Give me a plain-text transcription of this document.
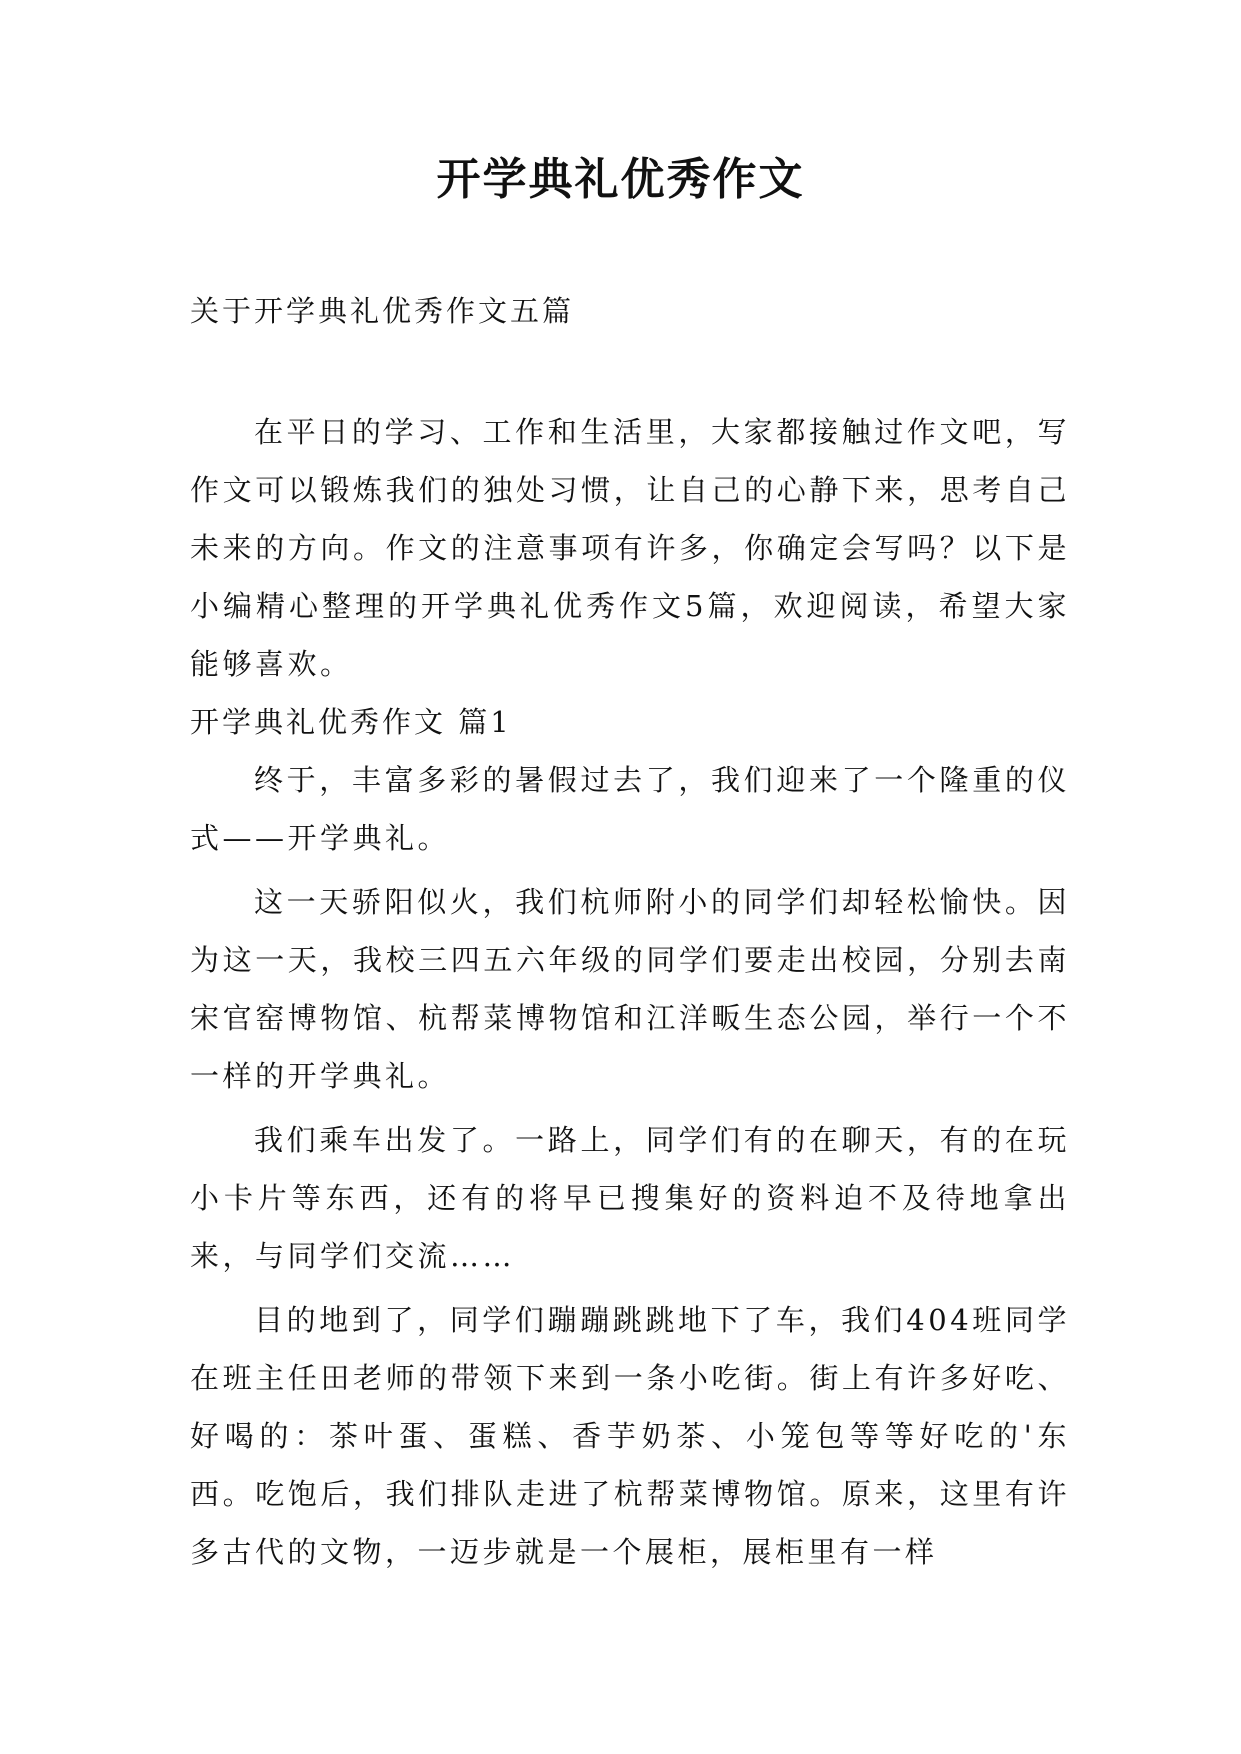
开学典礼优秀作文

关于开学典礼优秀作文五篇

在平日的学习、工作和生活里，大家都接触过作文吧，写作文可以锻炼我们的独处习惯，让自己的心静下来，思考自己未来的方向。作文的注意事项有许多，你确定会写吗？以下是小编精心整理的开学典礼优秀作文5篇，欢迎阅读，希望大家能够喜欢。

开学典礼优秀作文 篇1

终于，丰富多彩的暑假过去了，我们迎来了一个隆重的仪式——开学典礼。

这一天骄阳似火，我们杭师附小的同学们却轻松愉快。因为这一天，我校三四五六年级的同学们要走出校园，分别去南宋官窑博物馆、杭帮菜博物馆和江洋畈生态公园，举行一个不一样的开学典礼。

我们乘车出发了。一路上，同学们有的在聊天，有的在玩小卡片等东西，还有的将早已搜集好的资料迫不及待地拿出来，与同学们交流……

目的地到了，同学们蹦蹦跳跳地下了车，我们404班同学在班主任田老师的带领下来到一条小吃街。街上有许多好吃、好喝的：茶叶蛋、蛋糕、香芋奶茶、小笼包等等好吃的'东西。吃饱后，我们排队走进了杭帮菜博物馆。原来，这里有许多古代的文物，一迈步就是一个展柜，展柜里有一样
